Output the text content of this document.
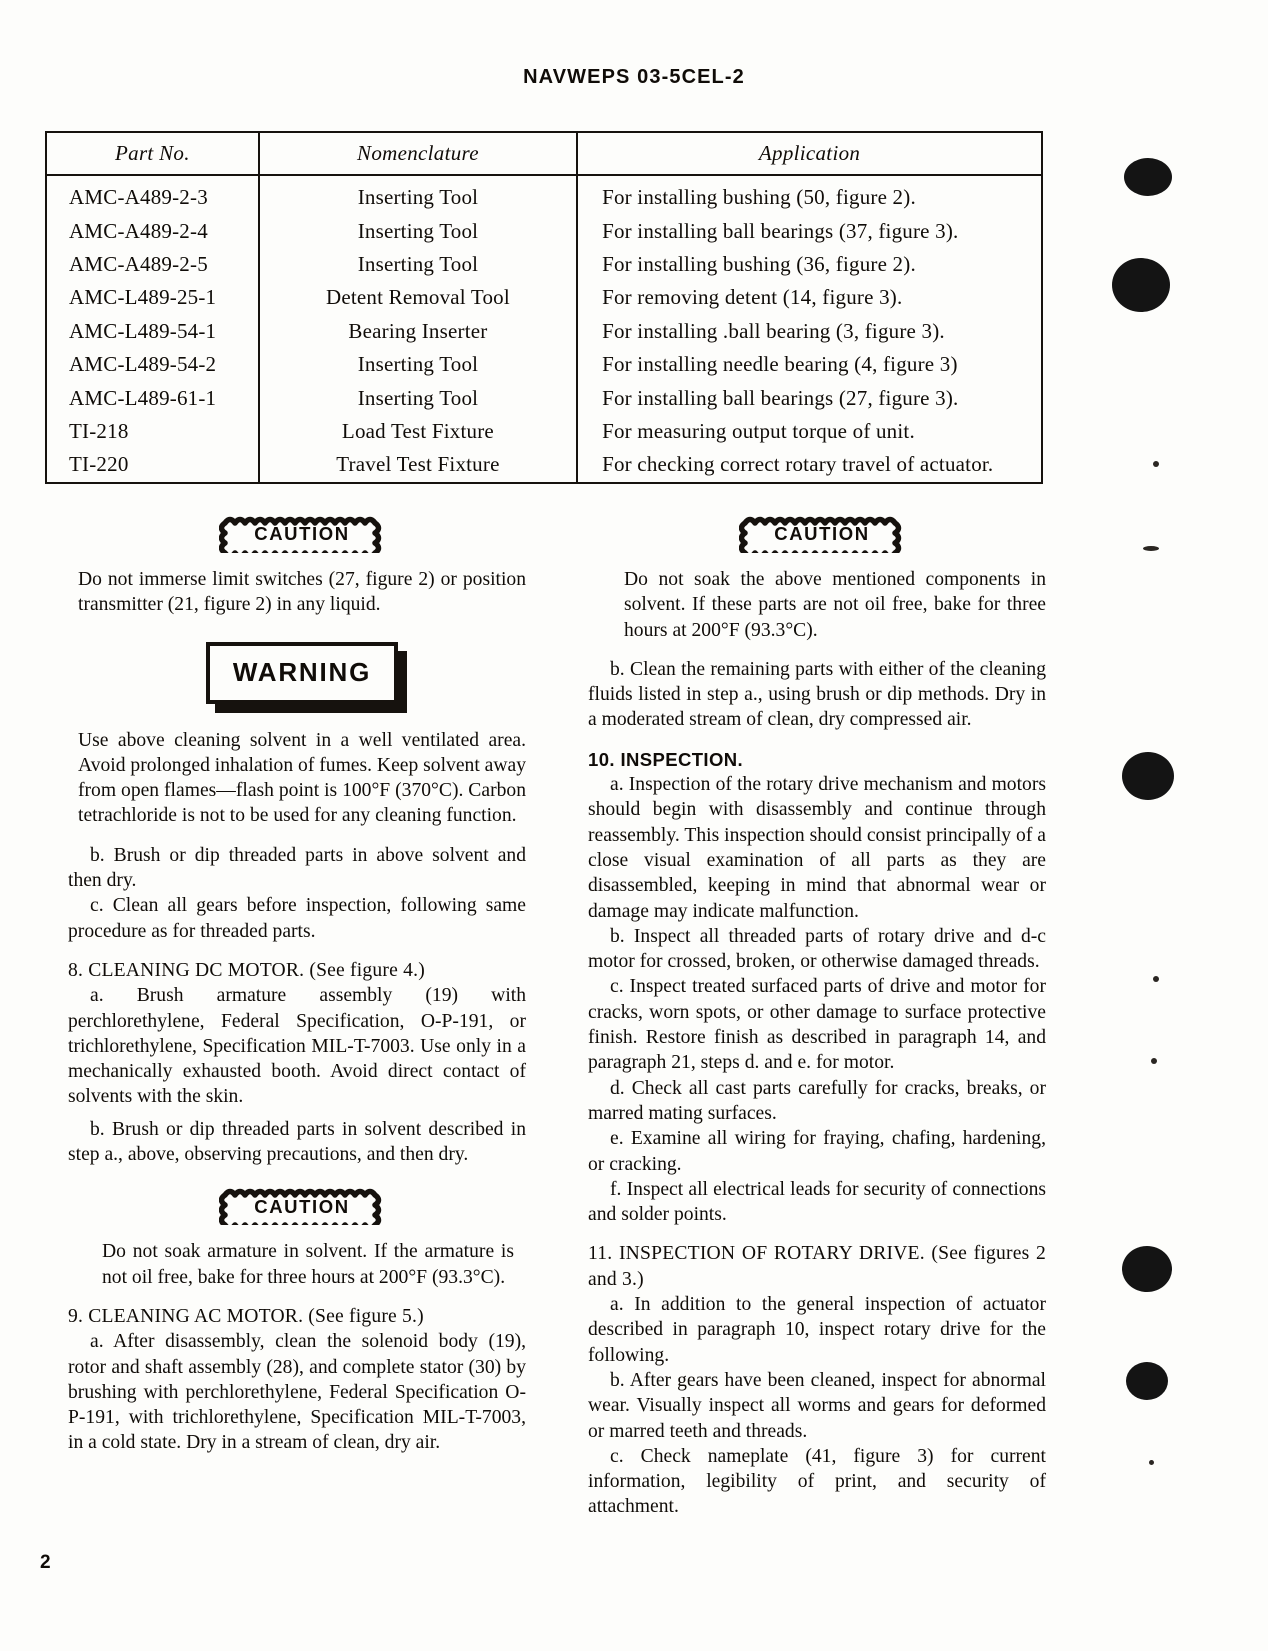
NAVWEPS 03-5CEL-2
Part No.	Nomenclature	Application
AMC-A489-2-3	Inserting Tool	For installing bushing (50, figure 2).
AMC-A489-2-4	Inserting Tool	For installing ball bearings (37, figure 3).
AMC-A489-2-5	Inserting Tool	For installing bushing (36, figure 2).
AMC-L489-25-1	Detent Removal Tool	For removing detent (14, figure 3).
AMC-L489-54-1	Bearing Inserter	For installing .ball bearing (3, figure 3).
AMC-L489-54-2	Inserting Tool	For installing needle bearing (4, figure 3)
AMC-L489-61-1	Inserting Tool	For installing ball bearings (27, figure 3).
TI-218	Load Test Fixture	For measuring output torque of unit.
TI-220	Travel Test Fixture	For checking correct rotary travel of actuator.
CAUTION

Do not immerse limit switches (27, figure 2) or position transmitter (21, figure 2) in any liquid.

WARNING

Use above cleaning solvent in a well ventilated area. Avoid prolonged inhalation of fumes. Keep solvent away from open flames—flash point is 100°F (370°C). Carbon tetrachloride is not to be used for any cleaning function.

b. Brush or dip threaded parts in above solvent and then dry.

c. Clean all gears before inspection, following same procedure as for threaded parts.

8. CLEANING DC MOTOR. (See figure 4.)

a. Brush armature assembly (19) with perchlorethylene, Federal Specification, O-P-191, or trichlorethylene, Specification MIL-T-7003. Use only in a mechanically exhausted booth. Avoid direct contact of solvents with the skin.

b. Brush or dip threaded parts in solvent described in step a., above, observing precautions, and then dry.

CAUTION

Do not soak armature in solvent. If the armature is not oil free, bake for three hours at 200°F (93.3°C).

9. CLEANING AC MOTOR. (See figure 5.)

a. After disassembly, clean the solenoid body (19), rotor and shaft assembly (28), and complete stator (30) by brushing with perchlorethylene, Federal Specification O-P-191, with trichlorethylene, Specification MIL-T-7003, in a cold state. Dry in a stream of clean, dry air.

CAUTION

Do not soak the above mentioned components in solvent. If these parts are not oil free, bake for three hours at 200°F (93.3°C).

b. Clean the remaining parts with either of the cleaning fluids listed in step a., using brush or dip methods. Dry in a moderated stream of clean, dry compressed air.

10. INSPECTION.

a. Inspection of the rotary drive mechanism and motors should begin with disassembly and continue through reassembly. This inspection should consist principally of a close visual examination of all parts as they are disassembled, keeping in mind that abnormal wear or damage may indicate malfunction.

b. Inspect all threaded parts of rotary drive and d-c motor for crossed, broken, or otherwise damaged threads.

c. Inspect treated surfaced parts of drive and motor for cracks, worn spots, or other damage to surface protective finish. Restore finish as described in paragraph 14, and paragraph 21, steps d. and e. for motor.

d. Check all cast parts carefully for cracks, breaks, or marred mating surfaces.

e. Examine all wiring for fraying, chafing, hardening, or cracking.

f. Inspect all electrical leads for security of connections and solder points.

11. INSPECTION OF ROTARY DRIVE. (See figures 2 and 3.)

a. In addition to the general inspection of actuator described in paragraph 10, inspect rotary drive for the following.

b. After gears have been cleaned, inspect for abnormal wear. Visually inspect all worms and gears for deformed or marred teeth and threads.

c. Check nameplate (41, figure 3) for current information, legibility of print, and security of attachment.

2
